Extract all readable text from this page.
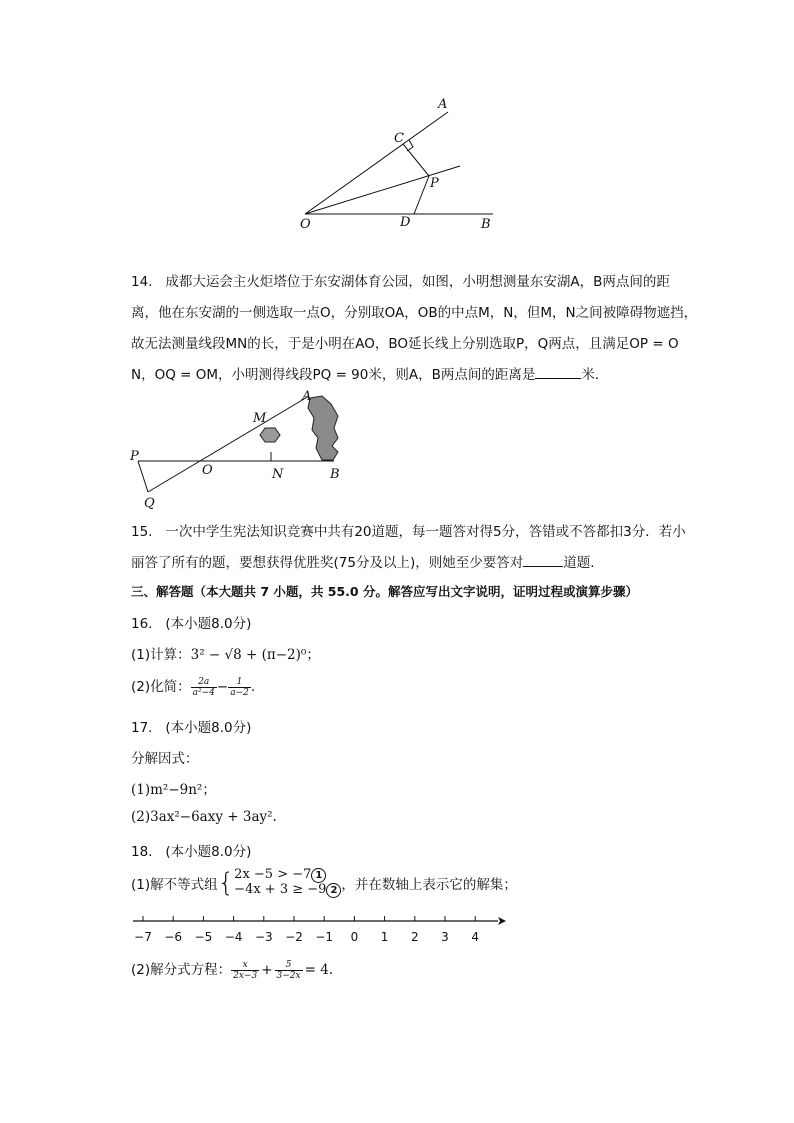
A
C
P
O	D	B
14.   成都大运会主火炬塔位于东安湖体育公园，如图，小明想测量东安湖A，B两点间的距
离，他在东安湖的一侧选取一点O，分别取OA，OB的中点M，N，但M，N之间被障碍物遮挡，
故无法测量线段MN的长，于是小明在AO，BO延长线上分别选取P，Q两点，且满足OP = O
N，OQ = OM，小明测得线段PQ = 90米，则A，B两点间的距离是	米．
M
A
P
O	N	B
Q
15.   一次中学生宪法知识竞赛中共有20道题，每一题答对得5分，答错或不答都扣3分．若小
丽答了所有的题，要想获得优胜奖(75分及以上)，则她至少要答对	道题．
三、解答题（本大题共 7 小题，共 55.0 分。解答应写出文字说明，证明过程或演算步骤）
16.   (本小题8.0分)
(1)计算：3² − √8 + (π−2)⁰；
(2)化简： $\frac{2a}{\text{a²−4}} - \frac{1}{a-2}$ .
17.   (本小题8.0分)
分解因式：
(1)m²−9n²；
(2)3ax²−6axy + 3ay².
18.   (本小题8.0分)
(1)解不等式组{ 2x −5 > −7 1
−4x + 3 ≥ −9 2 ，并在数轴上表示它的解集；
−7 −6 −5 −4 −3 −2 −1 0 1 2 3 4
(2)解分式方程： $\frac{x}{2x-3} + \frac{5}{3-2x} = 4$.
